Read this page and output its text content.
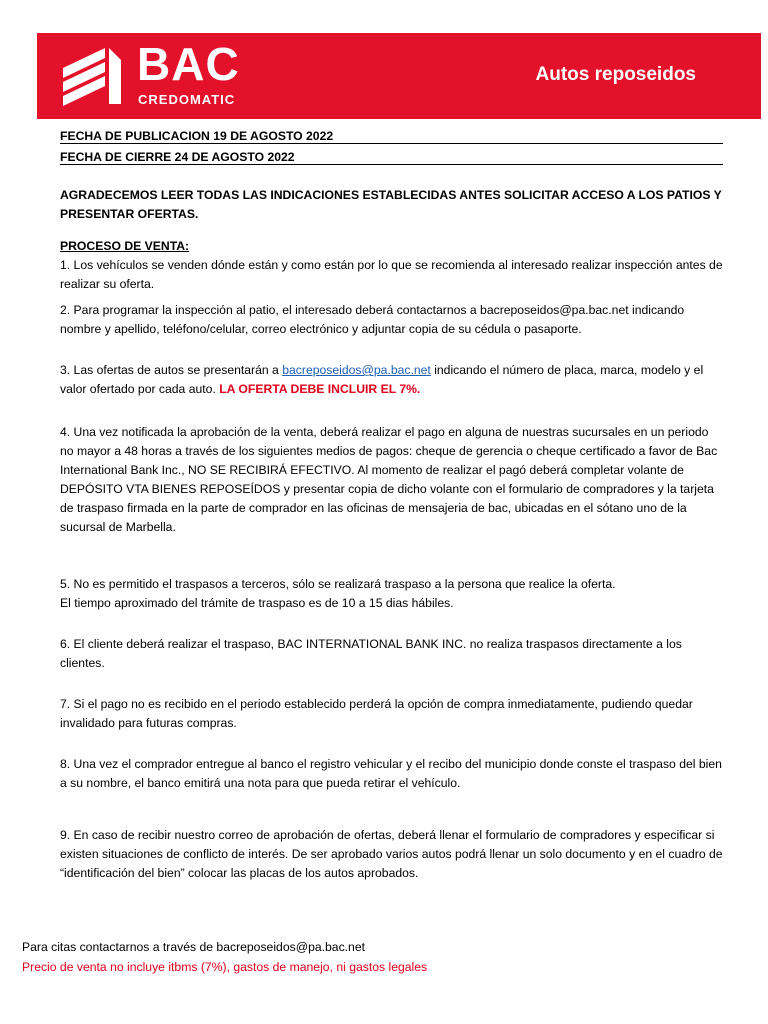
BAC
CREDOMATIC
Autos reposeidos
FECHA DE PUBLICACION 19 DE AGOSTO 2022
FECHA DE CIERRE 24 DE AGOSTO 2022
AGRADECEMOS LEER TODAS LAS INDICACIONES ESTABLECIDAS ANTES SOLICITAR ACCESO A LOS PATIOS Y PRESENTAR OFERTAS.
PROCESO DE VENTA:
1. Los vehículos se venden dónde están y como están por lo que se recomienda al interesado realizar inspección antes de realizar su oferta.
2. Para programar la inspección al patio, el interesado deberá contactarnos a bacreposeidos@pa.bac.net indicando nombre y apellido, teléfono/celular, correo electrónico y adjuntar copia de su cédula o pasaporte.
3. Las ofertas de autos se presentarán a bacreposeidos@pa.bac.net indicando el número de placa, marca, modelo y el valor ofertado por cada auto. LA OFERTA DEBE INCLUIR EL 7%.
4. Una vez notificada la aprobación de la venta, deberá realizar el pago en alguna de nuestras sucursales en un periodo no mayor a 48 horas a través de los siguientes medios de pagos: cheque de gerencia o cheque certificado a favor de Bac International Bank Inc., NO SE RECIBIRÁ EFECTIVO. Al momento de realizar el pagó deberá completar volante de DEPÓSITO VTA BIENES REPOSEÍDOS y presentar copia de dicho volante con el formulario de compradores y la tarjeta de traspaso firmada en la parte de comprador en las oficinas de mensajeria de bac, ubicadas en el sótano uno de la sucursal de Marbella.
5. No es permitido el traspasos a terceros, sólo se realizará traspaso a la persona que realice la oferta.
El tiempo aproximado del trámite de traspaso es de 10 a 15 dias hábiles.
6. El cliente deberá realizar el traspaso, BAC INTERNATIONAL BANK INC. no realiza traspasos directamente a los clientes.
7. Si el pago no es recibido en el periodo establecido perderá la opción de compra inmediatamente, pudiendo quedar invalidado para futuras compras.
8. Una vez el comprador entregue al banco el registro vehicular y el recibo del municipio donde conste el traspaso del bien a su nombre, el banco emitirá una nota para que pueda retirar el vehículo.
9. En caso de recibir nuestro correo de aprobación de ofertas, deberá llenar el formulario de compradores y especificar si existen situaciones de conflicto de interés. De ser aprobado varios autos podrá llenar un solo documento y en el cuadro de “identificación del bien” colocar las placas de los autos aprobados.
Para citas contactarnos a través de bacreposeidos@pa.bac.net
Precio de venta no incluye itbms (7%), gastos de manejo, ni gastos legales
